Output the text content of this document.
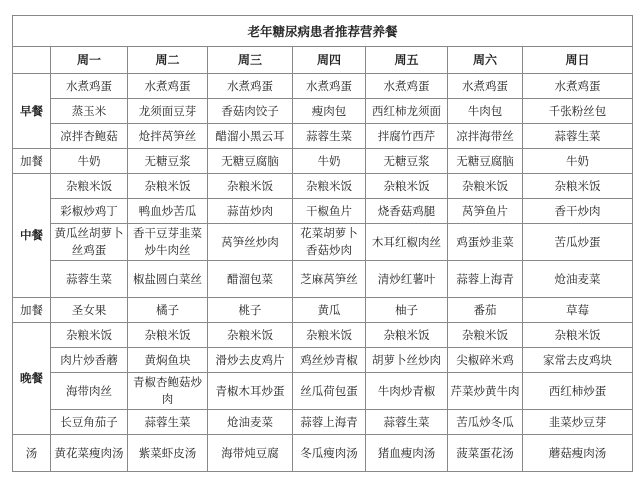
老年糖尿病患者推荐营养餐							
	周一	周二	周三	周四	周五	周六	周日
早餐	水煮鸡蛋	水煮鸡蛋	水煮鸡蛋	水煮鸡蛋	水煮鸡蛋	水煮鸡蛋	水煮鸡蛋
	蒸玉米	龙须面豆芽	香菇肉饺子	瘦肉包	西红柿龙须面	牛肉包	千张粉丝包
	凉拌杏鲍菇	炝拌莴笋丝	醋溜小黑云耳	蒜蓉生菜	拌腐竹西芹	凉拌海带丝	蒜蓉生菜
加餐	牛奶	无糖豆浆	无糖豆腐脑	牛奶	无糖豆浆	无糖豆腐脑	牛奶
中餐	杂粮米饭	杂粮米饭	杂粮米饭	杂粮米饭	杂粮米饭	杂粮米饭	杂粮米饭
	彩椒炒鸡丁	鸭血炒苦瓜	蒜苗炒肉	干椒鱼片	烧香菇鸡腿	莴笋鱼片	香干炒肉
	黄瓜丝胡萝卜丝鸡蛋	香干豆芽韭菜炒牛肉丝	莴笋丝炒肉	花菜胡萝卜香菇炒肉	木耳红椒肉丝	鸡蛋炒韭菜	苦瓜炒蛋
	蒜蓉生菜	椒盐圆白菜丝	醋溜包菜	芝麻莴笋丝	清炒红薯叶	蒜蓉上海青	炝油麦菜
加餐	圣女果	橘子	桃子	黄瓜	柚子	番茄	草莓
晚餐	杂粮米饭	杂粮米饭	杂粮米饭	杂粮米饭	杂粮米饭	杂粮米饭	杂粮米饭
	肉片炒香蘑	黄焖鱼块	滑炒去皮鸡片	鸡丝炒青椒	胡萝卜丝炒肉	尖椒碎米鸡	家常去皮鸡块
	海带肉丝	青椒杏鲍菇炒肉	青椒木耳炒蛋	丝瓜荷包蛋	牛肉炒青椒	芹菜炒黄牛肉	西红柿炒蛋
	长豆角茄子	蒜蓉生菜	炝油麦菜	蒜蓉上海青	蒜蓉生菜	苦瓜炒冬瓜	韭菜炒豆芽
汤	黄花菜瘦肉汤	紫菜虾皮汤	海带炖豆腐	冬瓜瘦肉汤	猪血瘦肉汤	菠菜蛋花汤	蘑菇瘦肉汤
